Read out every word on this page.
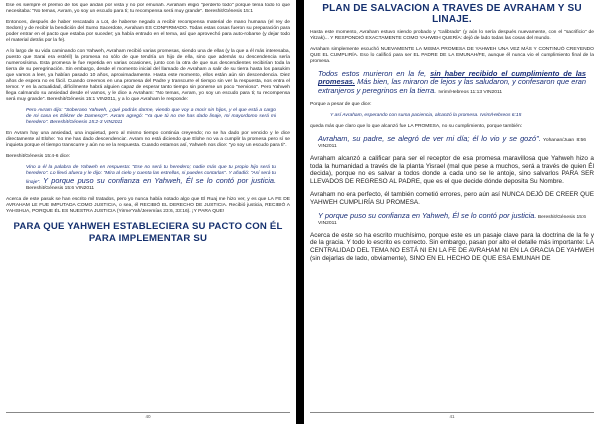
Ese es siempre el premio de los que andan por vista y no por emunah. Avraham eligió "perderlo todo" porque tenía todo lo que necesitaba: "No temas, Avram, yo soy un escudo para ti; tu recompensa será muy grande". Bereshit/Génesis 15:1

Entonces, después de haber rescatado a Lot, de haberse negado a recibir recompensa material de mano humana (el rey de Sedom) y de recibir la bendición del Sumo Sacerdote, Avraham ES CONFIRMADO. Todas estas cosas fueron su preparación para poder entrar en el pacto que estaba por suceder; ya había entrado en el tema, así que aprovechó para auto-robarse (y dejar todo el material detrás por la fe).

A lo largo de su vida caminando con Yahweh, Avraham recibió varias promesas, siendo una de ellas (y la que a él más interesaba, puesto que Sarai era estéril) la promesa no sólo de que tendría un hijo de ella, sino que además su descendencia sería numerosísima. Esta promesa le fue repetida en varias ocasiones, junto con la otra de que sus descendientes recibirían toda la tierra de su peregrinación. Sin embargo, desde el momento inicial del llamado de Avraham a salir de su tierra hasta los pasukim que vamos a leer, ya habían pasado 10 años, aproximadamente. Hasta este momento, ellos están aún sin descendencia. Diez años de espera no es fácil. Cuando creemos en una promesa del Padre y transcurre el tiempo sin ver la respuesta, nos entra el temor. Y en la actualidad, difícilmente habrá alguien capaz de esperar tanto tiempo sin ponerse un poco "nervioso". Pero Yahweh llega calmando su ansiedad desde el vamos, y le dice a Avraham: "No temas, Avram, yo soy un escudo para ti; tu recompensa será muy grande". Bereshit/Génesis 15:1 VIN2011, y a lo que Avraham le responde:

Pero Avram dijo: "Soberano Yahweh, ¿qué podrás darme, viendo que voy a morir sin hijos, y el que está a cargo de mi casa es Eliézer de Damesq?". Avram agregó: "Ya que tú no me has dado linaje, mi mayordomo será mi heredero". Bereshit/Génesis 15:2-3 VIN2011

En Avram hay una ansiedad, una inquietud, pero al mismo tiempo continúa creyendo; no se ha dado por vencido y le dice directamente al Elohe: 'no me has dado descendencia'. Avram no está diciendo que Elohe no va a cumplir la promesa pero sí se inquieta porque el tiempo transcurre y aún no ve la respuesta. Cuando estamos así, Yahweh nos dice: "yo soy un escudo para ti".

Bereshit/Génesis 15:4-6 dice:

Vino a él la palabra de Yahweh en respuesta: "Ese no será tu heredero; nadie más que tu propio hijo será tu heredero". Lo llevó afuera y le dijo: "Mira al cielo y cuenta las estrellas, si puedes contarlas". Y añadió: "Así será tu linaje". Y porque puso su confianza en Yahweh, Él se lo contó por justicia. Bereshit/Génesis 15:6 VIN2011

Acerca de este pasuk se han escrito mil tratados, pero yo nunca había notado algo que El Ruaj me hizo ver, y es que LA FE DE AVRAHAM LE FUE IMPUTADA COMO JUSTICIA, o sea, él RECIBIÓ EL DERECHO DE JUSTICIA. Recibió justicia, RECIBIÓ A YAHSHUA, PORQUE ÉL ES NUESTRA JUSTICIA (Yirme'Yah/Jeremías 23:6, 33:16). ¡Y PARA QUE!

PARA QUE YAHWEH ESTABLECIERA SU PACTO CON ÉL PARA IMPLEMENTAR SU
40
PLAN DE SALVACIÓN A TRAVÉS DE AVRAHAM Y SU LINAJE.

Hasta este momento, Avraham estuvo siendo probado y "calibrado" (y aún lo sería después nuevamente, con el "sacrificio" de Yitzak)... Y RESPONDIÓ EXACTAMENTE COMO YAHWEH QUERÍA: dejó de lado todas las cosas del mundo.

Avraham simplemente escuchó NUEVAMENTE LA MISMA PROMESA DE YAHWEH UNA VEZ MÁS Y CONTINUÓ CREYENDO QUE EL CUMPLIRÍA. Eso lo calificó para ser EL PADRE DE LA EMUNAH/FE, aunque él nunca vio el cumplimiento final de la promesa.

Todos estos murieron en la fe, sin haber recibido el cumplimiento de las promesas. Más bien, las miraron de lejos y las saludaron, y confesaron que eran extranjeros y peregrinos en la tierra. Ivrim/Hebreos 11:13 VIN2011

Porque a pesar de que dice:

Y así Avraham, esperando con suma paciencia, alcanzó la promesa. Ivrim/Hebreos 6:15

queda más que claro que lo que alcanzó fue LA PROMESA, no su cumplimiento, porque también:

Avraham, su padre, se alegró de ver mi día; él lo vio y se gozó". Yohanan/Juan 8:56 VIN2011

Avraham alcanzó a calificar para ser el receptor de esa promesa maravillosa que Yahweh hizo a toda la humanidad a través de la planta Yisrael (mal que pese a muchos, será a través de quien Él decida), porque no es salvar a todos donde a cada uno se le antoje, sino salvarlos PARA SER LLEVADOS DE REGRESO AL PADRE, que es el que decide dónde deposita Su Nombre.

Avraham no era perfecto, él también cometió errores, pero aún así NUNCA DEJÓ DE CREER QUE YAHWEH CUMPLIRÍA SU PROMESA.

Y porque puso su confianza en Yahweh, Él se lo contó por justicia. Bereshit/Génesis 15:6 VIN2011

Acerca de este so ha escrito muchísimo, porque este es un pasaje clave para la doctrina de la fe y de la gracia. Y todo lo escrito es correcto. Sin embargo, pasan por alto el detalle más importante: LA CENTRALIDAD DEL TEMA NO ESTÁ NI EN LA FE DE AVRAHAM NI EN LA GRACIA DE YAHWEH (sin dejarlas de lado, obviamente), SINO EN EL HECHO DE QUE ESA EMUNAH DE

41
